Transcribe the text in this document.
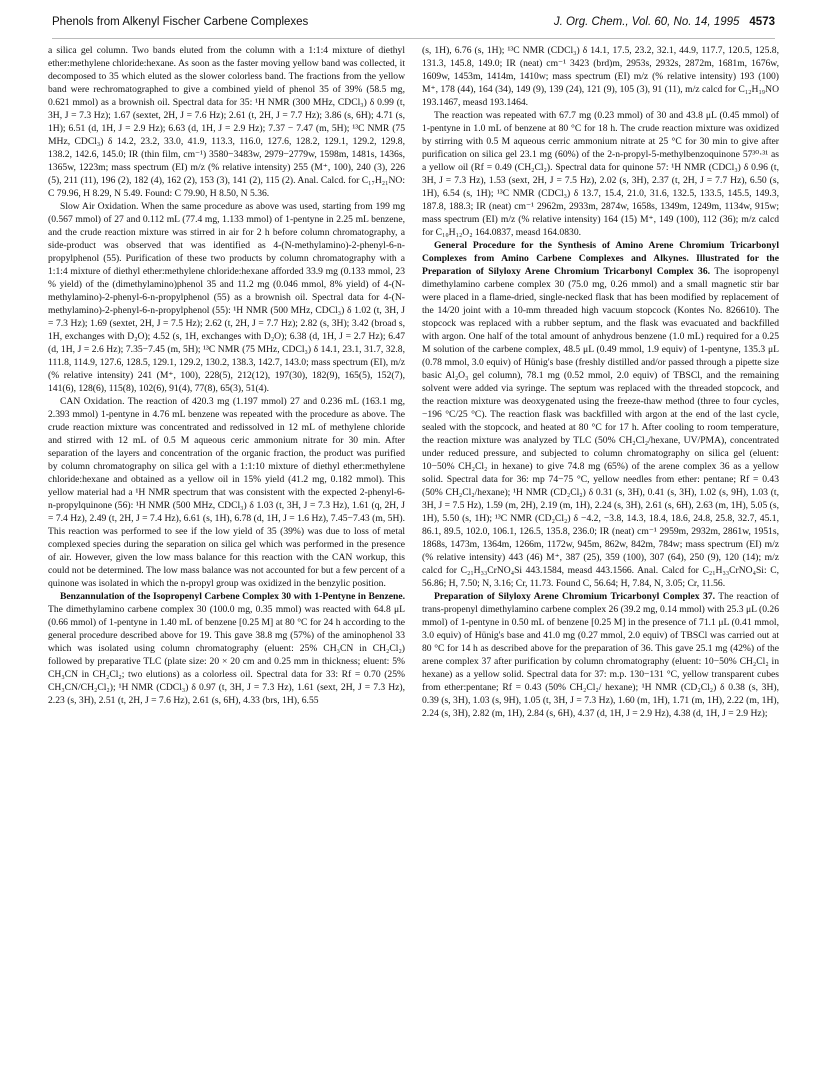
Phenols from Alkenyl Fischer Carbene Complexes	J. Org. Chem., Vol. 60, No. 14, 1995 4573

a silica gel column. Two bands eluted from the column with a 1:1:4 mixture of diethyl ether:methylene chloride:hexane. As soon as the faster moving yellow band was collected, it decomposed to 35 which eluted as the slower colorless band. The fractions from the yellow band were rechromatographed to give a combined yield of phenol 35 of 39% (58.5 mg, 0.621 mmol) as a brownish oil. Spectral data for 35: ¹H NMR (300 MHz, CDCl₃) δ 0.99 (t, 3H, J = 7.3 Hz); 1.67 (sextet, 2H, J = 7.6 Hz); 2.61 (t, 2H, J = 7.7 Hz); 3.86 (s, 6H); 4.71 (s, 1H); 6.51 (d, 1H, J = 2.9 Hz); 6.63 (d, 1H, J = 2.9 Hz); 7.37 − 7.47 (m, 5H); ¹³C NMR (75 MHz, CDCl₃) δ 14.2, 23.2, 33.0, 41.9, 113.3, 116.0, 127.6, 128.2, 129.1, 129.2, 129.8, 138.2, 142.6, 145.0; IR (thin film, cm⁻¹) 3580−3483w, 2979−2779w, 1598m, 1481s, 1436s, 1365w, 1223m; mass spectrum (EI) m/z (% relative intensity) 255 (M⁺, 100), 240 (3), 226 (5), 211 (11), 196 (2), 182 (4), 162 (2), 153 (3), 141 (2), 115 (2). Anal. Calcd. for C₁₇H₂₁NO: C 79.96, H 8.29, N 5.49. Found: C 79.90, H 8.50, N 5.36.

Slow Air Oxidation. When the same procedure as above was used, starting from 199 mg (0.567 mmol) of 27 and 0.112 mL (77.4 mg, 1.133 mmol) of 1-pentyne in 2.25 mL benzene, and the crude reaction mixture was stirred in air for 2 h before column chromatography, a side-product was observed that was identified as 4-(N-methylamino)-2-phenyl-6-n-propylphenol (55). Purification of these two products by column chromatography with a 1:1:4 mixture of diethyl ether:methylene chloride:hexane afforded 33.9 mg (0.133 mmol, 23 % yield) of the (dimethylamino)phenol 35 and 11.2 mg (0.046 mmol, 8% yield) of 4-(N-methylamino)-2-phenyl-6-n-propylphenol (55) as a brownish oil. Spectral data for 4-(N-methylamino)-2-phenyl-6-n-propylphenol (55): ¹H NMR (500 MHz, CDCl₃) δ 1.02 (t, 3H, J = 7.3 Hz); 1.69 (sextet, 2H, J = 7.5 Hz); 2.62 (t, 2H, J = 7.7 Hz); 2.82 (s, 3H); 3.42 (broad s, 1H, exchanges with D₂O); 4.52 (s, 1H, exchanges with D₂O); 6.38 (d, 1H, J = 2.7 Hz); 6.47 (d, 1H, J = 2.6 Hz); 7.35−7.45 (m, 5H); ¹³C NMR (75 MHz, CDCl₃) δ 14.1, 23.1, 31.7, 32.8, 111.8, 114.9, 127.6, 128.5, 129.1, 129.2, 130.2, 138.3, 142.7, 143.0; mass spectrum (EI), m/z (% relative intensity) 241 (M⁺, 100), 228(5), 212(12), 197(30), 182(9), 165(5), 152(7), 141(6), 128(6), 115(8), 102(6), 91(4), 77(8), 65(3), 51(4).

CAN Oxidation. The reaction of 420.3 mg (1.197 mmol) 27 and 0.236 mL (163.1 mg, 2.393 mmol) 1-pentyne in 4.76 mL benzene was repeated with the procedure as above. The crude reaction mixture was concentrated and redissolved in 12 mL of methylene chloride and stirred with 12 mL of 0.5 M aqueous ceric ammonium nitrate for 30 min. After separation of the layers and concentration of the organic fraction, the product was purified by column chromatography on silica gel with a 1:1:10 mixture of diethyl ether:methylene chloride:hexane and obtained as a yellow oil in 15% yield (41.2 mg, 0.182 mmol). This yellow material had a ¹H NMR spectrum that was consistent with the expected 2-phenyl-6-n-propylquinone (56): ¹H NMR (500 MHz, CDCl₃) δ 1.03 (t, 3H, J = 7.3 Hz), 1.61 (q, 2H, J = 7.4 Hz), 2.49 (t, 2H, J = 7.4 Hz), 6.61 (s, 1H), 6.78 (d, 1H, J = 1.6 Hz), 7.45−7.43 (m, 5H). This reaction was performed to see if the low yield of 35 (39%) was due to loss of metal complexed species during the separation on silica gel which was performed in the presence of air. However, given the low mass balance for this reaction with the CAN workup, this could not be determined. The low mass balance was not accounted for but a few percent of a quinone was isolated in which the n-propyl group was oxidized in the benzylic position.

Benzannulation of the Isopropenyl Carbene Complex 30 with 1-Pentyne in Benzene. The dimethylamino carbene complex 30 (100.0 mg, 0.35 mmol) was reacted with 64.8 μL (0.66 mmol) of 1-pentyne in 1.40 mL of benzene [0.25 M] at 80 °C for 24 h according to the general procedure described above for 19. This gave 38.8 mg (57%) of the aminophenol 33 which was isolated using column chromatography (eluent: 25% CH₃CN in CH₂Cl₂) followed by preparative TLC (plate size: 20 × 20 cm and 0.25 mm in thickness; eluent: 5% CH₃CN in CH₂Cl₂; two elutions) as a colorless oil. Spectral data for 33: Rf = 0.70 (25% CH₃CN/CH₂Cl₂); ¹H NMR (CDCl₃) δ 0.97 (t, 3H, J = 7.3 Hz), 1.61 (sext, 2H, J = 7.3 Hz), 2.23 (s, 3H), 2.51 (t, 2H, J = 7.6 Hz), 2.61 (s, 6H), 4.33 (brs, 1H), 6.55

(s, 1H), 6.76 (s, 1H); ¹³C NMR (CDCl₃) δ 14.1, 17.5, 23.2, 32.1, 44.9, 117.7, 120.5, 125.8, 131.3, 145.8, 149.0; IR (neat) cm⁻¹ 3423 (brd)m, 2953s, 2932s, 2872m, 1681m, 1676w, 1609w, 1453m, 1414m, 1410w; mass spectrum (EI) m/z (% relative intensity) 193 (100) M⁺, 178 (44), 164 (34), 149 (9), 139 (24), 121 (9), 105 (3), 91 (11), m/z calcd for C₁₂H₁₉NO 193.1467, measd 193.1464.

The reaction was repeated with 67.7 mg (0.23 mmol) of 30 and 43.8 μL (0.45 mmol) of 1-pentyne in 1.0 mL of benzene at 80 °C for 18 h. The crude reaction mixture was oxidized by stirring with 0.5 M aqueous cerric ammonium nitrate at 25 °C for 30 min to give after purification on silica gel 23.1 mg (60%) of the 2-n-propyl-5-methylbenzoquinone 57³⁰·³¹ as a yellow oil (Rf = 0.49 (CH₂Cl₂). Spectral data for quinone 57: ¹H NMR (CDCl₃) δ 0.96 (t, 3H, J = 7.3 Hz), 1.53 (sext, 2H, J = 7.5 Hz), 2.02 (s, 3H), 2.37 (t, 2H, J = 7.7 Hz), 6.50 (s, 1H), 6.54 (s, 1H); ¹³C NMR (CDCl₃) δ 13.7, 15.4, 21.0, 31.6, 132.5, 133.5, 145.5, 149.3, 187.8, 188.3; IR (neat) cm⁻¹ 2962m, 2933m, 2874w, 1658s, 1349m, 1249m, 1134w, 915w; mass spectrum (EI) m/z (% relative intensity) 164 (15) M⁺, 149 (100), 112 (36); m/z calcd for C₁₀H₁₂O₂ 164.0837, measd 164.0830.

General Procedure for the Synthesis of Amino Arene Chromium Tricarbonyl Complexes from Amino Carbene Complexes and Alkynes. Illustrated for the Preparation of Silyloxy Arene Chromium Tricarbonyl Complex 36. The isopropenyl dimethylamino carbene complex 30 (75.0 mg, 0.26 mmol) and a small magnetic stir bar were placed in a flame-dried, single-necked flask that has been modified by replacement of the 14/20 joint with a 10-mm threaded high vacuum stopcock (Kontes No. 826610). The stopcock was replaced with a rubber septum, and the flask was evacuated and backfilled with argon. One half of the total amount of anhydrous benzene (1.0 mL) required for a 0.25 M solution of the carbene complex, 48.5 μL (0.49 mmol, 1.9 equiv) of 1-pentyne, 135.3 μL (0.78 mmol, 3.0 equiv) of Hünig's base (freshly distilled and/or passed through a pipette size basic Al₂O₃ gel column), 78.1 mg (0.52 mmol, 2.0 equiv) of TBSCl, and the remaining solvent were added via syringe. The septum was replaced with the threaded stopcock, and the reaction mixture was deoxygenated using the freeze-thaw method (three to four cycles, −196 °C/25 °C). The reaction flask was backfilled with argon at the end of the last cycle, sealed with the stopcock, and heated at 80 °C for 17 h. After cooling to room temperature, the reaction mixture was analyzed by TLC (50% CH₂Cl₂/hexane, UV/PMA), concentrated under reduced pressure, and subjected to column chromatography on silica gel (eluent: 10−50% CH₂Cl₂ in hexane) to give 74.8 mg (65%) of the arene complex 36 as a yellow solid. Spectral data for 36: mp 74−75 °C, yellow needles from ether: pentane; Rf = 0.43 (50% CH₂Cl₂/hexane); ¹H NMR (CD₂Cl₂) δ 0.31 (s, 3H), 0.41 (s, 3H), 1.02 (s, 9H), 1.03 (t, 3H, J = 7.5 Hz), 1.59 (m, 2H), 2.19 (m, 1H), 2.24 (s, 3H), 2.61 (s, 6H), 2.63 (m, 1H), 5.05 (s, 1H), 5.50 (s, 1H); ¹³C NMR (CD₂Cl₂) δ −4.2, −3.8, 14.3, 18.4, 18.6, 24.8, 25.8, 32.7, 45.1, 86.1, 89.5, 102.0, 106.1, 126.5, 135.8, 236.0; IR (neat) cm⁻¹ 2959m, 2932m, 2861w, 1951s, 1868s, 1473m, 1364m, 1266m, 1172w, 945m, 862w, 842m, 784w; mass spectrum (EI) m/z (% relative intensity) 443 (46) M⁺, 387 (25), 359 (100), 307 (64), 250 (9), 120 (14); m/z calcd for C₂₁H₃₃CrNO₄Si 443.1584, measd 443.1566. Anal. Calcd for C₂₁H₃₃CrNO₄Si: C, 56.86; H, 7.50; N, 3.16; Cr, 11.73. Found C, 56.64; H, 7.84, N, 3.05; Cr, 11.56.

Preparation of Silyloxy Arene Chromium Tricarbonyl Complex 37. The reaction of trans-propenyl dimethylamino carbene complex 26 (39.2 mg, 0.14 mmol) with 25.3 μL (0.26 mmol) of 1-pentyne in 0.50 mL of benzene [0.25 M] in the presence of 71.1 μL (0.41 mmol, 3.0 equiv) of Hünig's base and 41.0 mg (0.27 mmol, 2.0 equiv) of TBSCl was carried out at 80 °C for 14 h as described above for the preparation of 36. This gave 25.1 mg (42%) of the arene complex 37 after purification by column chromatography (eluent: 10−50% CH₂Cl₂ in hexane) as a yellow solid. Spectral data for 37: m.p. 130−131 °C, yellow transparent cubes from ether:pentane; Rf = 0.43 (50% CH₂Cl₂/ hexane); ¹H NMR (CD₂Cl₂) δ 0.38 (s, 3H), 0.39 (s, 3H), 1.03 (s, 9H), 1.05 (t, 3H, J = 7.3 Hz), 1.60 (m, 1H), 1.71 (m, 1H), 2.22 (m, 1H), 2.24 (s, 3H), 2.82 (m, 1H), 2.84 (s, 6H), 4.37 (d, 1H, J = 2.9 Hz), 4.38 (d, 1H, J = 2.9 Hz);
